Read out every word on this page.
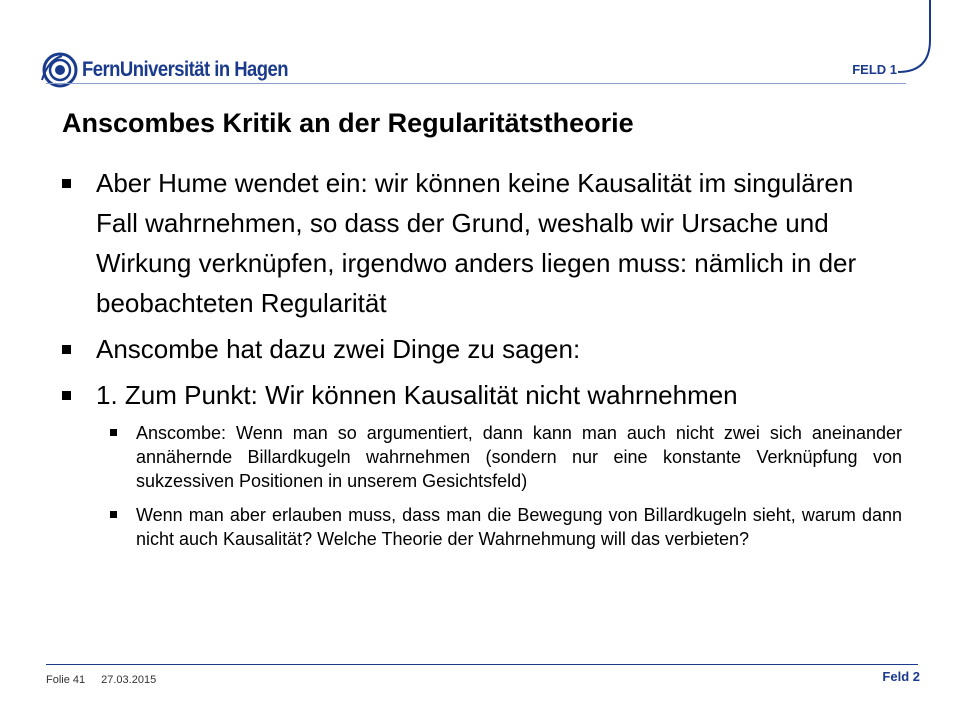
FernUniversität in Hagen	FELD 1
Anscombes Kritik an der Regularitätstheorie
Aber Hume wendet ein: wir können keine Kausalität im singulären Fall wahrnehmen, so dass der Grund, weshalb wir Ursache und Wirkung verknüpfen, irgendwo anders liegen muss: nämlich in der beobachteten Regularität
Anscombe hat dazu zwei Dinge zu sagen:
1. Zum Punkt: Wir können Kausalität nicht wahrnehmen
Anscombe: Wenn man so argumentiert, dann kann man auch nicht zwei sich aneinander annähernde Billardkugeln wahrnehmen (sondern nur eine konstante Verknüpfung von sukzessiven Positionen in unserem Gesichtsfeld)
Wenn man aber erlauben muss, dass man die Bewegung von Billardkugeln sieht, warum dann nicht auch Kausalität? Welche Theorie der Wahrnehmung will das verbieten?
Folie 41 27.03.2015	Feld 2
